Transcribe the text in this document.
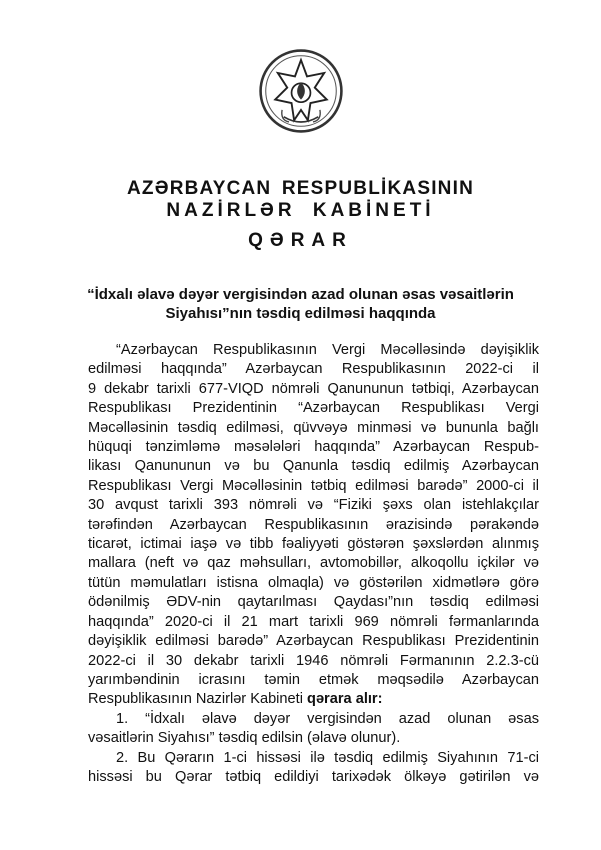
AZƏRBAYCAN RESPUBLİKASININ
NAZİRLƏR KABİNETİ
QƏRAR
“İdxalı əlavə dəyər vergisindən azad olunan əsas vəsaitlərin
Siyahısı”nın təsdiq edilməsi haqqında

“Azərbaycan Respublikasının Vergi Məcəlləsində dəyişiklik
edilməsi haqqında” Azərbaycan Respublikasının 2022-ci il
9 dekabr tarixli 677-VIQD nömrəli Qanununun tətbiqi, Azərbaycan
Respublikası Prezidentinin “Azərbaycan Respublikası Vergi
Məcəlləsinin təsdiq edilməsi, qüvvəyə minməsi və bununla bağlı
hüquqi tənzimləmə məsələləri haqqında” Azərbaycan Respub-
likası Qanununun və bu Qanunla təsdiq edilmiş Azərbaycan
Respublikası Vergi Məcəlləsinin tətbiq edilməsi barədə” 2000-ci il
30 avqust tarixli 393 nömrəli və “Fiziki şəxs olan istehlakçılar
tərəfindən Azərbaycan Respublikasının ərazisində pərakəndə
ticarət, ictimai iaşə və tibb fəaliyyəti göstərən şəxslərdən alınmış
mallara (neft və qaz məhsulları, avtomobillər, alkoqollu içkilər və
tütün məmulatları istisna olmaqla) və göstərilən xidmətlərə görə
ödənilmiş ƏDV-nin qaytarılması Qaydası”nın təsdiq edilməsi
haqqında” 2020-ci il 21 mart tarixli 969 nömrəli fərmanlarında
dəyişiklik edilməsi barədə” Azərbaycan Respublikası Prezidentinin
2022-ci il 30 dekabr tarixli 1946 nömrəli Fərmanının 2.2.3-cü
yarımbəndinin icrasını təmin etmək məqsədilə Azərbaycan
Respublikasının Nazirlər Kabineti qərara alır:

1. “İdxalı əlavə dəyər vergisindən azad olunan əsas
vəsaitlərin Siyahısı” təsdiq edilsin (əlavə olunur).

2. Bu Qərarın 1-ci hissəsi ilə təsdiq edilmiş Siyahının 71-ci
hissəsi bu Qərar tətbiq edildiyi tarixədək ölkəyə gətirilən və
